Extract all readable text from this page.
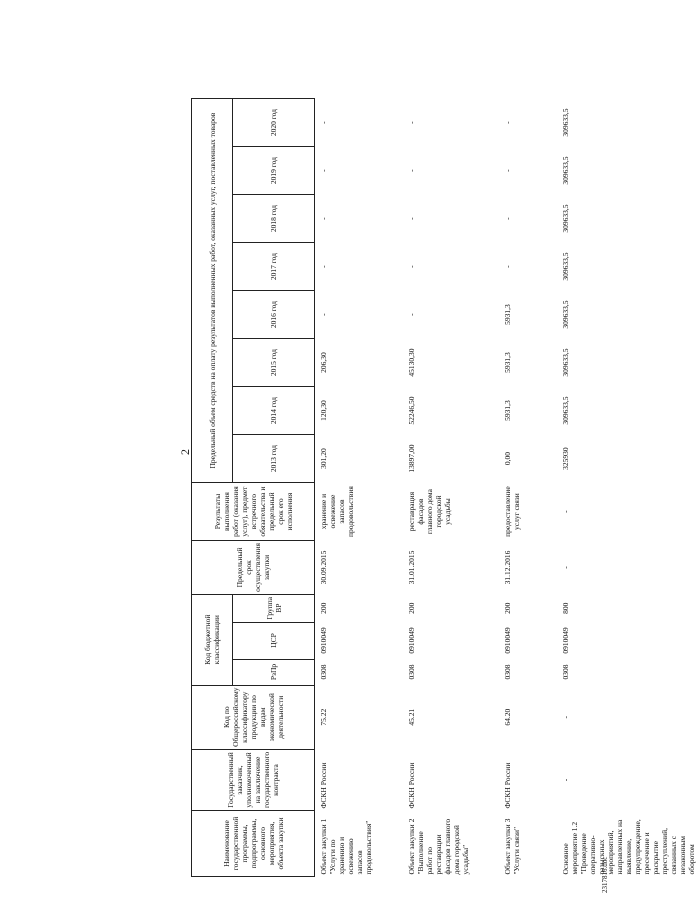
2
Наименование государственной программы, подпрограммы, основного мероприятия, объекта закупки	Государственный заказчик, уполномоченный на заключение государственного контракта	Код по Общероссийскому классификатору продукции по видам экономической деятельности	Код бюджетной классификации			Предельный срок осуществления закупки	Результаты выполнения работ (оказания услуг), предмет встречного обязательства и предельный срок его исполнения	Предельный объем средств на оплату результатов выполненных работ, оказанных услуг, поставленных товаров							
			РзПр	ЦСР	Группа ВР			2013 год	2014 год	2015 год	2016 год	2017 год	2018 год	2019 год	2020 год

Объект закупки 1 "Услуги по хранению и освежению запасов продовольствия"	ФСКН России	75.22	0308	0910049	200	30.09.2015	хранение и освежение запасов продовольствия	301,20	120,30	206,30	-	-	-	-	-
Объект закупки 2 "Выполнение работ по реставрации фасадов главного дома городской усадьбы"	ФСКН России	45.21	0308	0910049	200	31.01.2015	реставрация фасадов главного дома городской усадьбы	13897,00	52246,50	45130,30	-	-	-	-	-
Объект закупки 3 "Услуги связи"	ФСКН России	64.20	0308	0910049	200	31.12.2016	предоставление услуг связи	0,00	5931,3	5931,3	5931,3	-	-	-	-
Основное мероприятие 1.2 "Проведение оперативно-разыскных мероприятий, направленных на выявление, предупреждение, пресечение и раскрытие преступлений, связанных с незаконным оборотом	-	-	0308	0910049	800	-	-	325930	309633,5	309633,5	309633,5	309633,5	309633,5	309633,5	309633,5
2317816.doc
